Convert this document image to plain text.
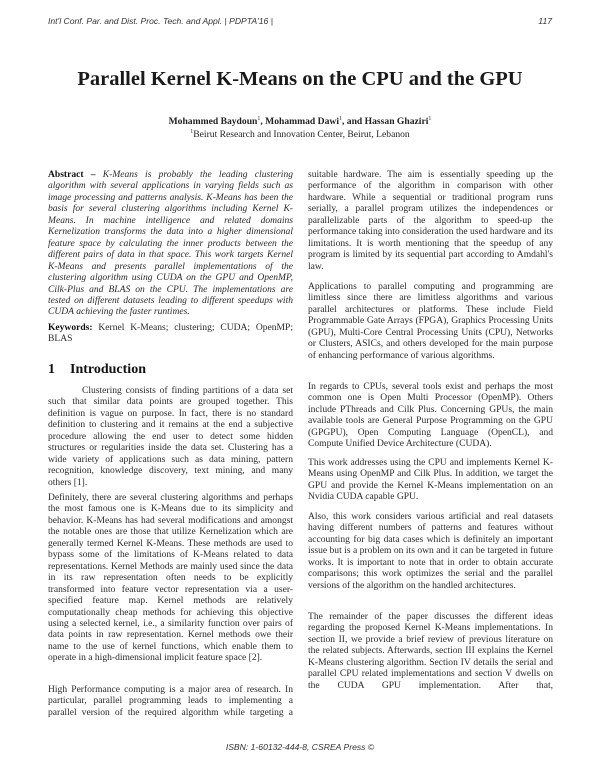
Int'l Conf. Par. and Dist. Proc. Tech. and Appl. | PDPTA'16 |	117
Parallel Kernel K-Means on the CPU and the GPU
Mohammed Baydoun$^1$, Mohammad Dawi$^1$, and Hassan Ghaziri$^1$
$^1$Beirut Research and Innovation Center, Beirut, Lebanon

Abstract – K-Means is probably the leading clustering algorithm with several applications in varying fields such as image processing and patterns analysis. K-Means has been the basis for several clustering algorithms including Kernel K-Means. In machine intelligence and related domains Kernelization transforms the data into a higher dimensional feature space by calculating the inner products between the different pairs of data in that space. This work targets Kernel K-Means and presents parallel implementations of the clustering algorithm using CUDA on the GPU and OpenMP, Cilk-Plus and BLAS on the CPU. The implementations are tested on different datasets leading to different speedups with CUDA achieving the faster runtimes.

Keywords: Kernel K-Means; clustering; CUDA; OpenMP; BLAS

1 Introduction

Clustering consists of finding partitions of a data set such that similar data points are grouped together. This definition is vague on purpose. In fact, there is no standard definition to clustering and it remains at the end a subjective procedure allowing the end user to detect some hidden structures or regularities inside the data set. Clustering has a wide variety of applications such as data mining, pattern recognition, knowledge discovery, text mining, and many others [1].

Definitely, there are several clustering algorithms and perhaps the most famous one is K-Means due to its simplicity and behavior. K-Means has had several modifications and amongst the notable ones are those that utilize Kernelization which are generally termed Kernel K-Means. These methods are used to bypass some of the limitations of K-Means related to data representations. Kernel Methods are mainly used since the data in its raw representation often needs to be explicitly transformed into feature vector representation via a user-specified feature map. Kernel methods are relatively computationally cheap methods for achieving this objective using a selected kernel, i.e., a similarity function over pairs of data points in raw representation. Kernel methods owe their name to the use of kernel functions, which enable them to operate in a high-dimensional implicit feature space [2].

High Performance computing is a major area of research. In particular, parallel programming leads to implementing a parallel version of the required algorithm while targeting a

suitable hardware. The aim is essentially speeding up the performance of the algorithm in comparison with other hardware. While a sequential or traditional program runs serially, a parallel program utilizes the independences or parallelizable parts of the algorithm to speed-up the performance taking into consideration the used hardware and its limitations. It is worth mentioning that the speedup of any program is limited by its sequential part according to Amdahl's law.

Applications to parallel computing and programming are limitless since there are limitless algorithms and various parallel architectures or platforms. These include Field Programmable Gate Arrays (FPGA), Graphics Processing Units (GPU), Multi-Core Central Processing Units (CPU), Networks or Clusters, ASICs, and others developed for the main purpose of enhancing performance of various algorithms.

In regards to CPUs, several tools exist and perhaps the most common one is Open Multi Processor (OpenMP). Others include PThreads and Cilk Plus. Concerning GPUs, the main available tools are General Purpose Programming on the GPU (GPGPU), Open Computing Language (OpenCL), and Compute Unified Device Architecture (CUDA).

This work addresses using the CPU and implements Kernel K-Means using OpenMP and Cilk Plus. In addition, we target the GPU and provide the Kernel K-Means implementation on an Nvidia CUDA capable GPU.

Also, this work considers various artificial and real datasets having different numbers of patterns and features without accounting for big data cases which is definitely an important issue but is a problem on its own and it can be targeted in future works. It is important to note that in order to obtain accurate comparisons; this work optimizes the serial and the parallel versions of the algorithm on the handled architectures.

The remainder of the paper discusses the different ideas regarding the proposed Kernel K-Means implementations. In section II, we provide a brief review of previous literature on the related subjects. Afterwards, section III explains the Kernel K-Means clustering algorithm. Section IV details the serial and parallel CPU related implementations and section V dwells on the CUDA GPU implementation. After that,

ISBN: 1-60132-444-8, CSREA Press ©
